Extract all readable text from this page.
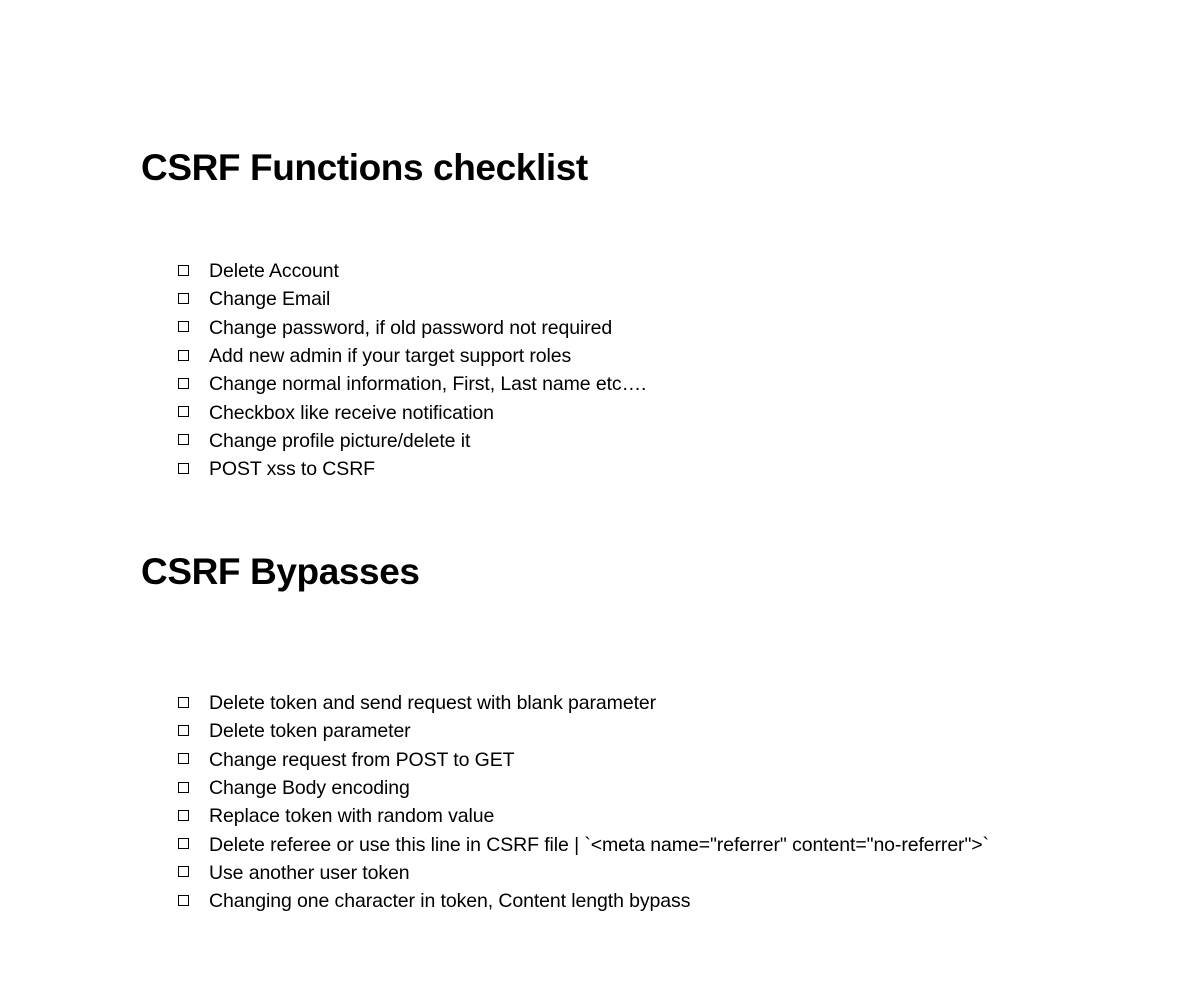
CSRF Functions checklist
Delete Account
Change Email
Change password, if old password not required
Add new admin if your target support roles
Change normal information, First, Last name etc….
Checkbox like receive notification
Change profile picture/delete it
POST xss to CSRF
CSRF Bypasses
Delete token and send request with blank parameter
Delete token parameter
Change request from POST to GET
Change Body encoding
Replace token with random value
Delete referee or use this line in CSRF file | `<meta name="referrer" content="no-referrer">`
Use another user token
Changing one character in token, Content length bypass
